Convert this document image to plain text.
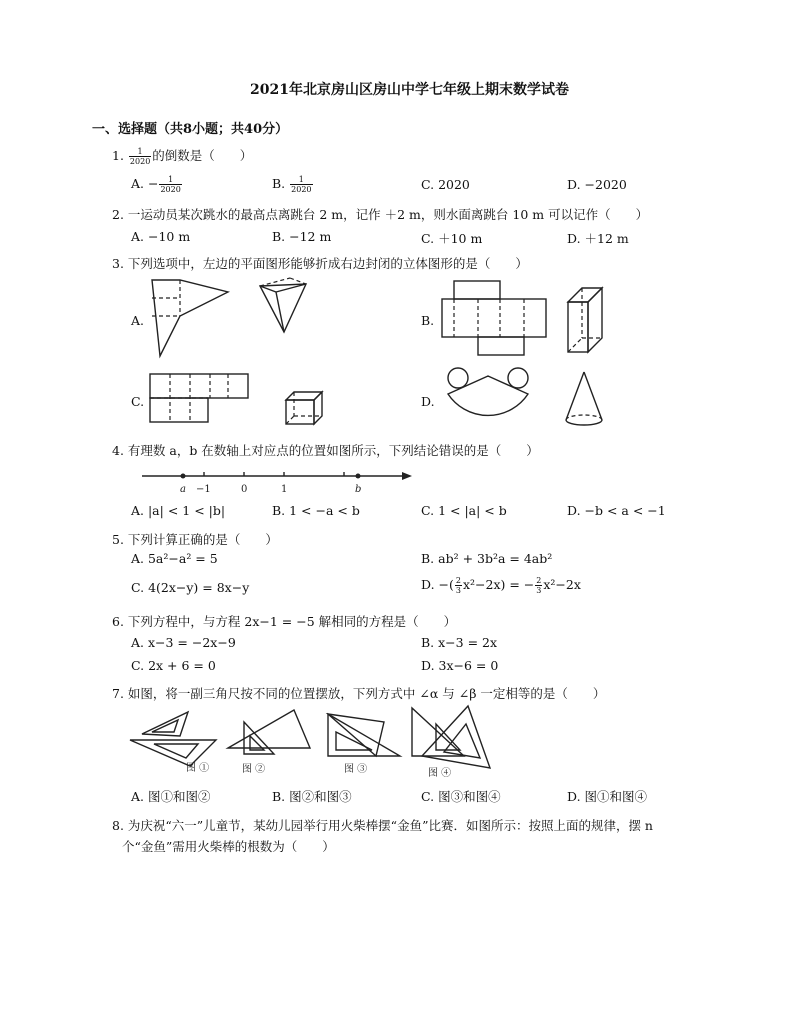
2021年北京房山区房山中学七年级上期末数学试卷
一、选择题（共8小题；共40分）
1. $\frac{1}{2020}$ 的倒数是（　　）
A. − $\frac{1}{2020}$	B. $\frac{1}{2020}$	C. 2020	D. −2020
2. 一运动员某次跳水的最高点离跳台 2 m，记作 ＋2 m，则水面离跳台 10 m 可以记作（　　）
A. −10 m	B. −12 m	C. ＋10 m	D. ＋12 m
3. 下列选项中，左边的平面图形能够折成右边封闭的立体图形的是（　　）
A.	B.
C.	D.
4. 有理数 a，b 在数轴上对应点的位置如图所示，下列结论错误的是（　　）
a −1	0	1	b
A. |a| < 1 < |b|	B. 1 < −a < b	C. 1 < |a| < b	D. −b < a < −1
5. 下列计算正确的是（　　）
A. 5a²−a² = 5	B. ab² + 3b²a = 4ab²
C. 4(2x−y) = 8x−y	D. −( $\frac{2}{3} x^2-2x$) = − $\frac{2}{3} x^2-2x$
6. 下列方程中，与方程 2x−1 = −5 解相同的方程是（　　）
A. x−3 = −2x−9	B. x−3 = 2x
C. 2x + 6 = 0	D. 3x−6 = 0
7. 如图，将一副三角尺按不同的位置摆放，下列方式中 ∠α 与 ∠β 一定相等的是（　　）
图 ①	图 ②	图 ③	图 ④
A. 图①和图②	B. 图②和图③	C. 图③和图④	D. 图①和图④
8. 为庆祝“六一”儿童节，某幼儿园举行用火柴棒摆“金鱼”比赛．如图所示：按照上面的规律，摆 n
个“金鱼”需用火柴棒的根数为（　　）
